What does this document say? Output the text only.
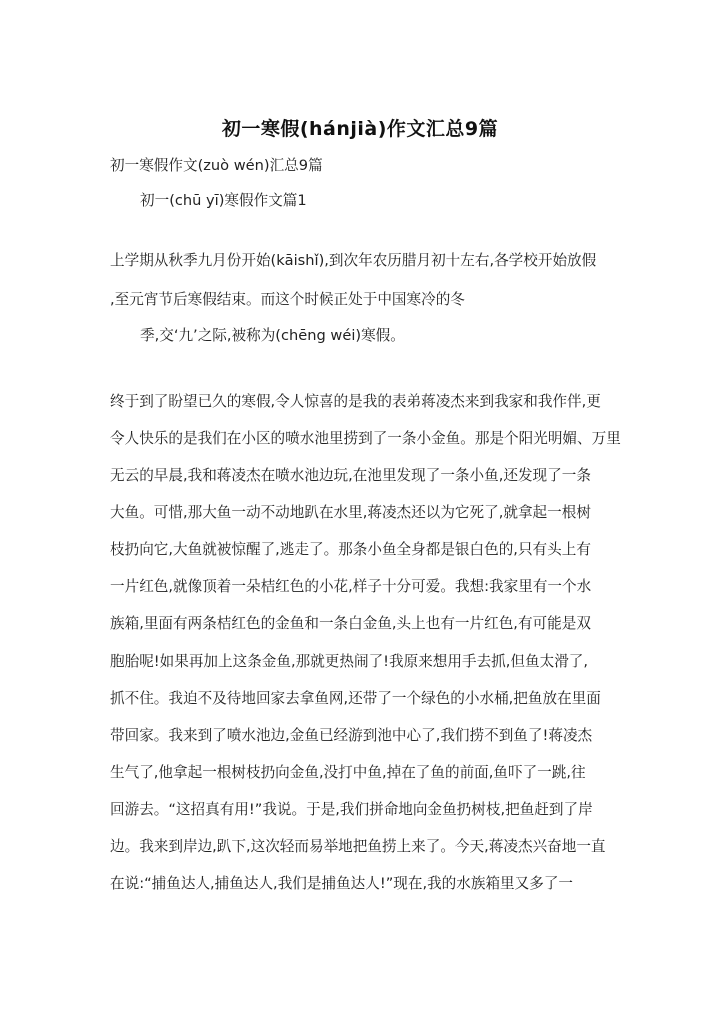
初一寒假(hánjià)作文汇总9篇
初一寒假作文(zuò wén)汇总9篇
初一(chū yī)寒假作文篇1
上学期从秋季九月份开始(kāishǐ),到次年农历腊月初十左右,各学校开始放假
,至元宵节后寒假结束。而这个时候正处于中国寒冷的冬
季,交‘九’之际,被称为(chēng wéi)寒假。
终于到了盼望已久的寒假,令人惊喜的是我的表弟蒋凌杰来到我家和我作伴,更
令人快乐的是我们在小区的喷水池里捞到了一条小金鱼。那是个阳光明媚、万里
无云的早晨,我和蒋凌杰在喷水池边玩,在池里发现了一条小鱼,还发现了一条
大鱼。可惜,那大鱼一动不动地趴在水里,蒋凌杰还以为它死了,就拿起一根树
枝扔向它,大鱼就被惊醒了,逃走了。那条小鱼全身都是银白色的,只有头上有
一片红色,就像顶着一朵桔红色的小花,样子十分可爱。我想:我家里有一个水
族箱,里面有两条桔红色的金鱼和一条白金鱼,头上也有一片红色,有可能是双
胞胎呢!如果再加上这条金鱼,那就更热闹了!我原来想用手去抓,但鱼太滑了,
抓不住。我迫不及待地回家去拿鱼网,还带了一个绿色的小水桶,把鱼放在里面
带回家。我来到了喷水池边,金鱼已经游到池中心了,我们捞不到鱼了!蒋凌杰
生气了,他拿起一根树枝扔向金鱼,没打中鱼,掉在了鱼的前面,鱼吓了一跳,往
回游去。“这招真有用!”我说。于是,我们拼命地向金鱼扔树枝,把鱼赶到了岸
边。我来到岸边,趴下,这次轻而易举地把鱼捞上来了。今天,蒋凌杰兴奋地一直
在说:“捕鱼达人,捕鱼达人,我们是捕鱼达人!”现在,我的水族箱里又多了一
